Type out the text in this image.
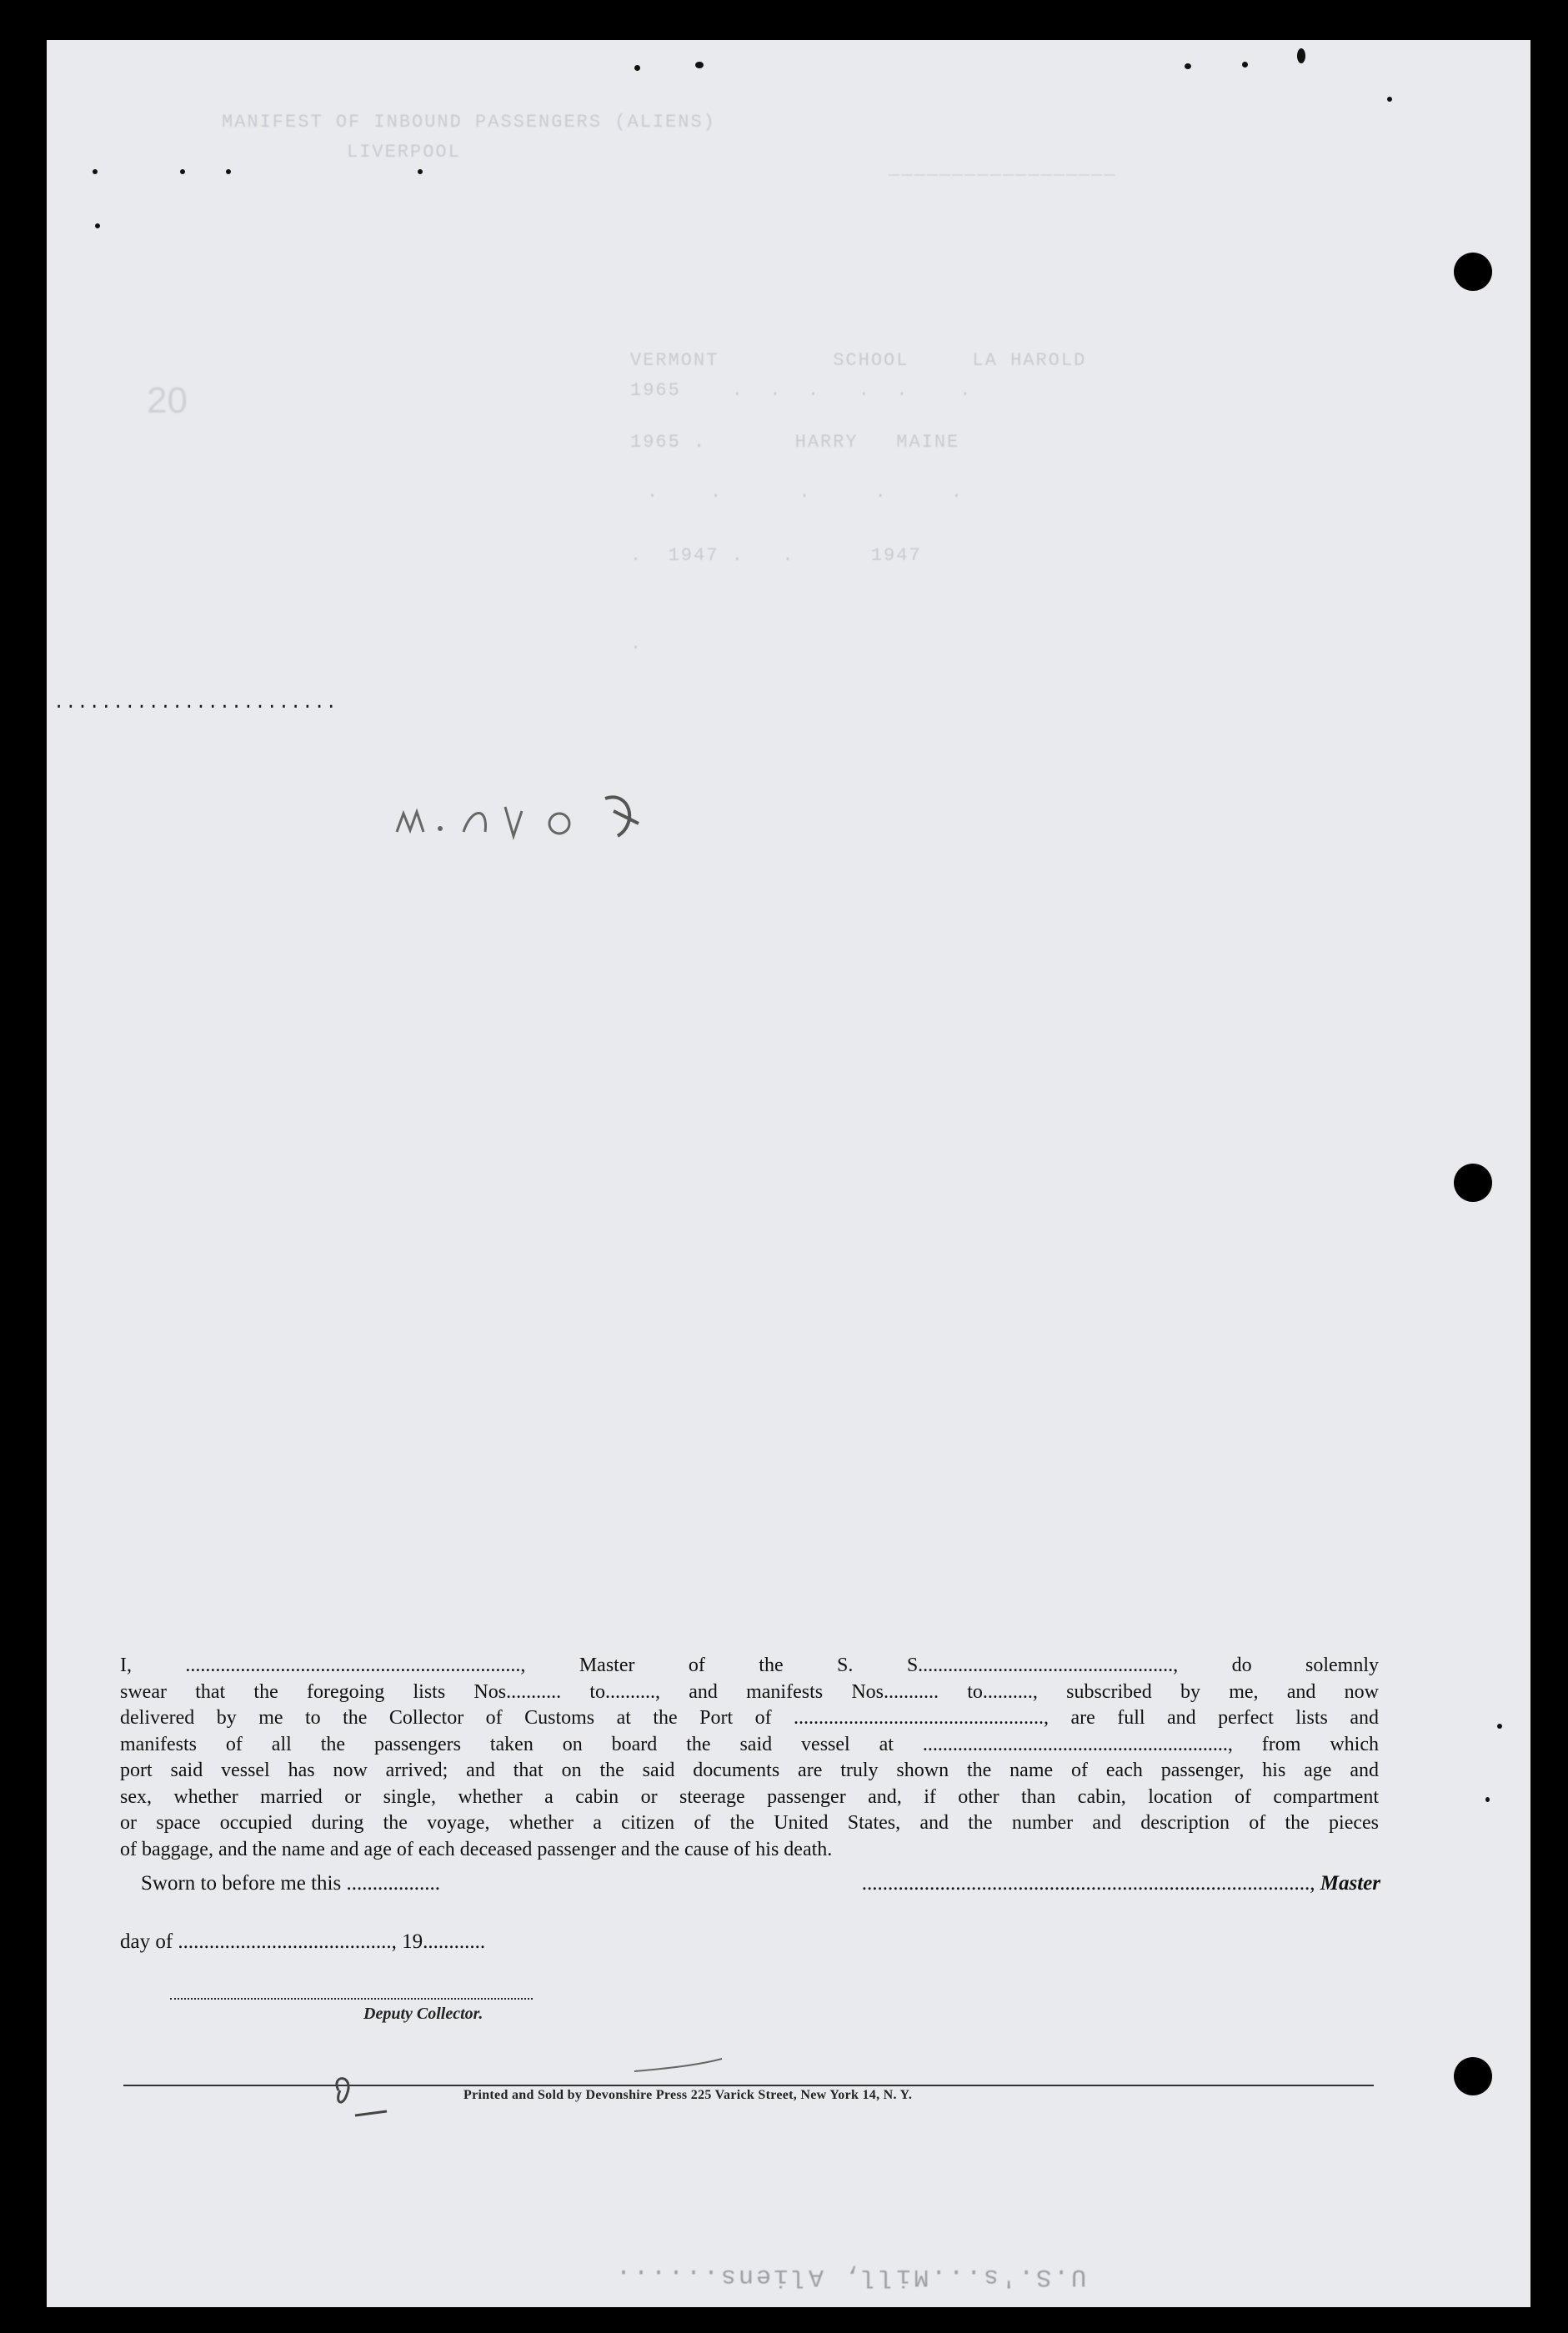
MANIFEST OF INBOUND PASSENGERS (ALIENS)
LIVERPOOL
__________________
VERMONT         SCHOOL     LA HAROLD
1965    .  .  .   .  .    .
1965 .       HARRY   MAINE
.    .      .     .     .
.  1947 .   .      1947
.
20
........................
I, ..................................................................., Master of the S. S..................................................., do solemnly
swear that the foregoing lists Nos........... to.........., and manifests Nos........... to.........., subscribed by me, and now
delivered by me to the Collector of Customs at the Port of .................................................., are full and perfect lists and
manifests of all the passengers taken on board the said vessel at ............................................................., from which
port said vessel has now arrived; and that on the said documents are truly shown the name of each passenger, his age and
sex, whether married or single, whether a cabin or steerage passenger and, if other than cabin, location of compartment
or space occupied during the voyage, whether a citizen of the United States, and the number and description of the pieces
of baggage, and the name and age of each deceased passenger and the cause of his death.
Sworn to before me this ..................	......................................................................................, Master
day of ........................................., 19............
Deputy Collector.
Printed and Sold by Devonshire Press 225 Varick Street, New York 14, N. Y.
U.S.'s...Mill, Aliens......
